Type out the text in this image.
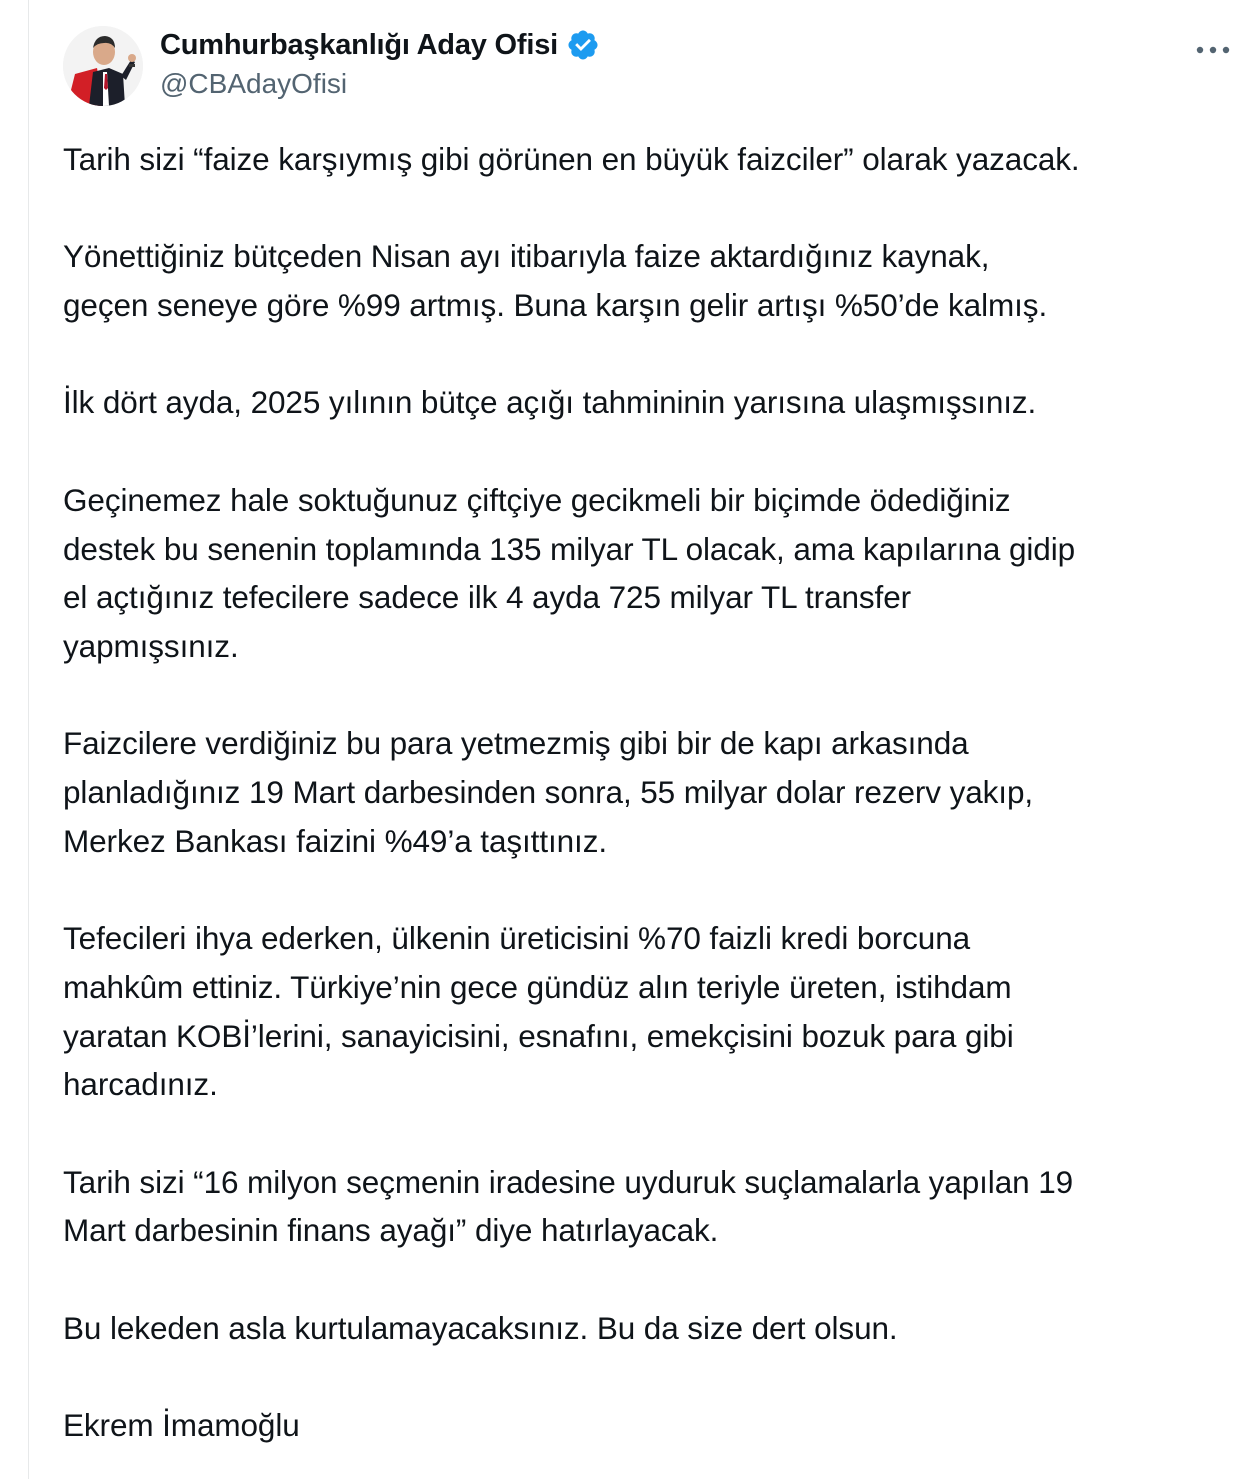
Cumhurbaşkanlığı Aday Ofisi
@CBAdayOfisi

Tarih sizi “faize karşıymış gibi görünen en büyük faizciler” olarak yazacak.

Yönettiğiniz bütçeden Nisan ayı itibarıyla faize aktardığınız kaynak,
geçen seneye göre %99 artmış. Buna karşın gelir artışı %50’de kalmış.

İlk dört ayda, 2025 yılının bütçe açığı tahmininin yarısına ulaşmışsınız.

Geçinemez hale soktuğunuz çiftçiye gecikmeli bir biçimde ödediğiniz
destek bu senenin toplamında 135 milyar TL olacak, ama kapılarına gidip
el açtığınız tefecilere sadece ilk 4 ayda 725 milyar TL transfer
yapmışsınız.

Faizcilere verdiğiniz bu para yetmezmiş gibi bir de kapı arkasında
planladığınız 19 Mart darbesinden sonra, 55 milyar dolar rezerv yakıp,
Merkez Bankası faizini %49’a taşıttınız.

Tefecileri ihya ederken, ülkenin üreticisini %70 faizli kredi borcuna
mahkûm ettiniz. Türkiye’nin gece gündüz alın teriyle üreten, istihdam
yaratan KOBİ’lerini, sanayicisini, esnafını, emekçisini bozuk para gibi
harcadınız.

Tarih sizi “16 milyon seçmenin iradesine uyduruk suçlamalarla yapılan 19
Mart darbesinin finans ayağı” diye hatırlayacak.

Bu lekeden asla kurtulamayacaksınız. Bu da size dert olsun.

Ekrem İmamoğlu
